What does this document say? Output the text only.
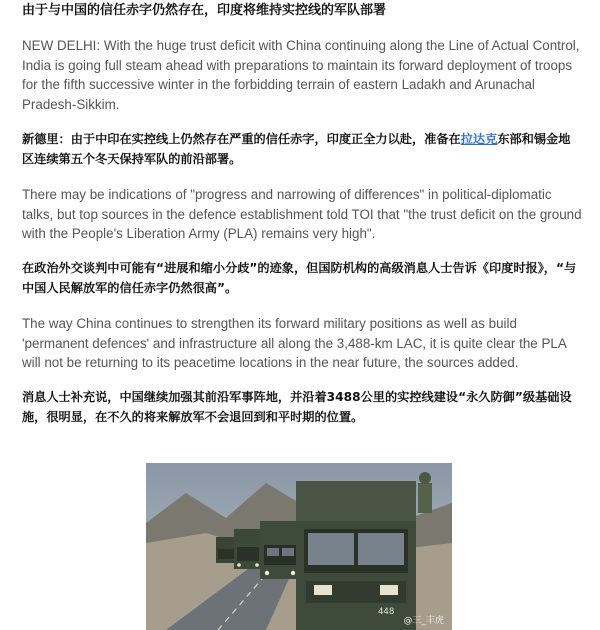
由于与中国的信任赤字仍然存在，印度将维持实控线的军队部署

NEW DELHI: With the huge trust deficit with China continuing along the Line of Actual Control, India is going full steam ahead with preparations to maintain its forward deployment of troops for the fifth successive winter in the forbidding terrain of eastern Ladakh and Arunachal Pradesh-Sikkim.

新德里：由于中印在实控线上仍然存在严重的信任赤字，印度正全力以赴，准备在拉达克东部和锡金地区连续第五个冬天保持军队的前沿部署。

There may be indications of "progress and narrowing of differences" in political-diplomatic talks, but top sources in the defence establishment told TOI that "the trust deficit on the ground with the People's Liberation Army (PLA) remains very high".

在政治外交谈判中可能有“进展和缩小分歧”的迹象，但国防机构的高级消息人士告诉《印度时报》，“与中国人民解放军的信任赤字仍然很高”。

The way China continues to strengthen its forward military positions as well as build 'permanent defences' and infrastructure all along the 3,488-km LAC, it is quite clear the PLA will not be returning to its peacetime locations in the near future, the sources added.

消息人士补充说，中国继续加强其前沿军事阵地，并沿着3488公里的实控线建设“永久防御”级基础设施，很明显，在不久的将来解放军不会退回到和平时期的位置。

448
@三_丰虎
